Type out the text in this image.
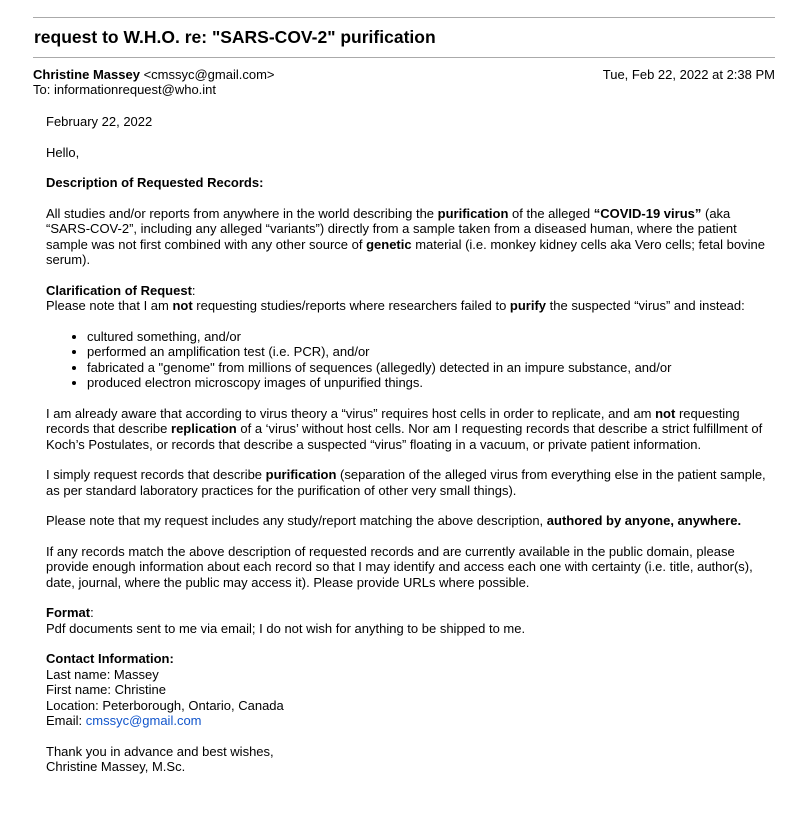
request to W.H.O. re: "SARS-COV-2" purification
Christine Massey <cmssyc@gmail.com>
To: informationrequest@who.int
Tue, Feb 22, 2022 at 2:38 PM

February 22, 2022

Hello,

Description of Requested Records:

All studies and/or reports from anywhere in the world describing the purification of the alleged “COVID-19 virus” (aka “SARS-COV-2”, including any alleged “variants”) directly from a sample taken from a diseased human, where the patient sample was not first combined with any other source of genetic material (i.e. monkey kidney cells aka Vero cells; fetal bovine serum).

Clarification of Request:
Please note that I am not requesting studies/reports where researchers failed to purify the suspected “virus” and instead:

• cultured something, and/or
• performed an amplification test (i.e. PCR), and/or
• fabricated a "genome" from millions of sequences (allegedly) detected in an impure substance, and/or
• produced electron microscopy images of unpurified things.

I am already aware that according to virus theory a “virus” requires host cells in order to replicate, and am not requesting records that describe replication of a ‘virus’ without host cells. Nor am I requesting records that describe a strict fulfillment of Koch’s Postulates, or records that describe a suspected “virus” floating in a vacuum, or private patient information.

I simply request records that describe purification (separation of the alleged virus from everything else in the patient sample, as per standard laboratory practices for the purification of other very small things).

Please note that my request includes any study/report matching the above description, authored by anyone, anywhere.

If any records match the above description of requested records and are currently available in the public domain, please provide enough information about each record so that I may identify and access each one with certainty (i.e. title, author(s), date, journal, where the public may access it). Please provide URLs where possible.

Format:
Pdf documents sent to me via email; I do not wish for anything to be shipped to me.

Contact Information:
Last name: Massey
First name: Christine
Location: Peterborough, Ontario, Canada
Email: cmssyc@gmail.com

Thank you in advance and best wishes,
Christine Massey, M.Sc.
